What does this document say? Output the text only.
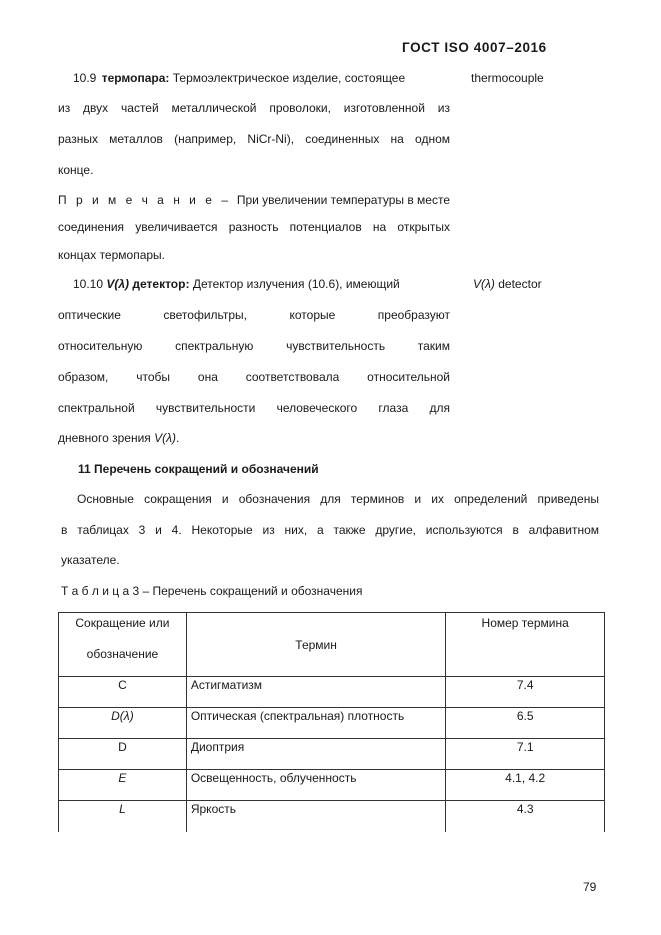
ГОСТ ISO 4007–2016
10.9 термопара: Термоэлектрическое изделие, состоящее
из двух частей металлической проволоки, изготовленной из
разных металлов (например, NiCr-Ni), соединенных на одном
конце.
thermocouple
П р и м е ч а н и е – При увеличении температуры в месте
соединения увеличивается разность потенциалов на открытых
концах термопары.
10.10 V(λ) детектор: Детектор излучения (10.6), имеющий
оптические светофильтры, которые преобразуют
относительную спектральную чувствительность таким
образом, чтобы она соответствовала относительной
спектральной чувствительности человеческого глаза для
дневного зрения V(λ).
V(λ) detector
11 Перечень сокращений и обозначений
Основные сокращения и обозначения для терминов и их определений приведены
в таблицах 3 и 4. Некоторые из них, а также другие, используются в алфавитном
указателе.
Т а б л и ц а 3 – Перечень сокращений и обозначения
Сокращение или
обозначение	Термин	Номер термина
C	Астигматизм	7.4
D(λ)	Оптическая (спектральная) плотность	6.5
D	Диоптрия	7.1
E	Освещенность, облученность	4.1, 4.2
L	Яркость	4.3
79
